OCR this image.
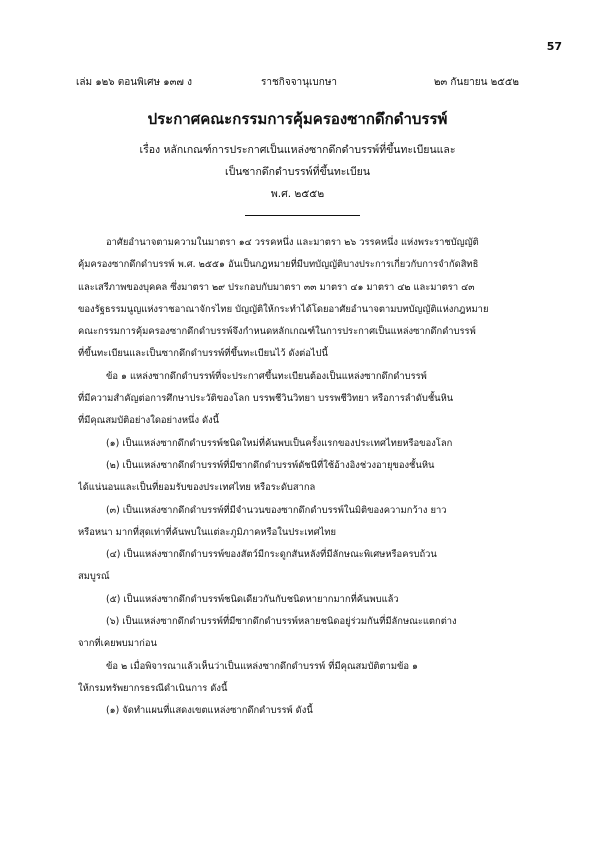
57
เล่ม ๑๒๖ ตอนพิเศษ ๑๓๗ ง	ราชกิจจานุเบกษา	๒๓ กันยายน ๒๕๕๒
ประกาศคณะกรรมการคุ้มครองซากดึกดำบรรพ์
เรื่อง หลักเกณฑ์การประกาศเป็นแหล่งซากดึกดำบรรพ์ที่ขึ้นทะเบียนและ
เป็นซากดึกดำบรรพ์ที่ขึ้นทะเบียน
พ.ศ. ๒๕๕๒
อาศัยอำนาจตามความในมาตรา ๑๔ วรรคหนึ่ง และมาตรา ๒๖ วรรคหนึ่ง แห่งพระราชบัญญัติ
คุ้มครองซากดึกดำบรรพ์ พ.ศ. ๒๕๕๑ อันเป็นกฎหมายที่มีบทบัญญัติบางประการเกี่ยวกับการจำกัดสิทธิ
และเสรีภาพของบุคคล ซึ่งมาตรา ๒๙ ประกอบกับมาตรา ๓๓ มาตรา ๔๑ มาตรา ๔๒ และมาตรา ๔๓
ของรัฐธรรมนูญแห่งราชอาณาจักรไทย บัญญัติให้กระทำได้โดยอาศัยอำนาจตามบทบัญญัติแห่งกฎหมาย
คณะกรรมการคุ้มครองซากดึกดำบรรพ์จึงกำหนดหลักเกณฑ์ในการประกาศเป็นแหล่งซากดึกดำบรรพ์
ที่ขึ้นทะเบียนและเป็นซากดึกดำบรรพ์ที่ขึ้นทะเบียนไว้ ดังต่อไปนี้
ข้อ ๑ แหล่งซากดึกดำบรรพ์ที่จะประกาศขึ้นทะเบียนต้องเป็นแหล่งซากดึกดำบรรพ์
ที่มีความสำคัญต่อการศึกษาประวัติของโลก บรรพชีวินวิทยา บรรพชีวิทยา หรือการลำดับชั้นหิน
ที่มีคุณสมบัติอย่างใดอย่างหนึ่ง ดังนี้
(๑) เป็นแหล่งซากดึกดำบรรพ์ชนิดใหม่ที่ค้นพบเป็นครั้งแรกของประเทศไทยหรือของโลก
(๒) เป็นแหล่งซากดึกดำบรรพ์ที่มีซากดึกดำบรรพ์ดัชนีที่ใช้อ้างอิงช่วงอายุของชั้นหิน
ได้แน่นอนและเป็นที่ยอมรับของประเทศไทย หรือระดับสากล
(๓) เป็นแหล่งซากดึกดำบรรพ์ที่มีจำนวนของซากดึกดำบรรพ์ในมิติของความกว้าง ยาว
หรือหนา มากที่สุดเท่าที่ค้นพบในแต่ละภูมิภาคหรือในประเทศไทย
(๔) เป็นแหล่งซากดึกดำบรรพ์ของสัตว์มีกระดูกสันหลังที่มีลักษณะพิเศษหรือครบถ้วน
สมบูรณ์
(๕) เป็นแหล่งซากดึกดำบรรพ์ชนิดเดียวกันกับชนิดหายากมากที่ค้นพบแล้ว
(๖) เป็นแหล่งซากดึกดำบรรพ์ที่มีซากดึกดำบรรพ์หลายชนิดอยู่ร่วมกันที่มีลักษณะแตกต่าง
จากที่เคยพบมาก่อน
ข้อ ๒ เมื่อพิจารณาแล้วเห็นว่าเป็นแหล่งซากดึกดำบรรพ์ ที่มีคุณสมบัติตามข้อ ๑
ให้กรมทรัพยากรธรณีดำเนินการ ดังนี้
(๑) จัดทำแผนที่แสดงเขตแหล่งซากดึกดำบรรพ์ ดังนี้
